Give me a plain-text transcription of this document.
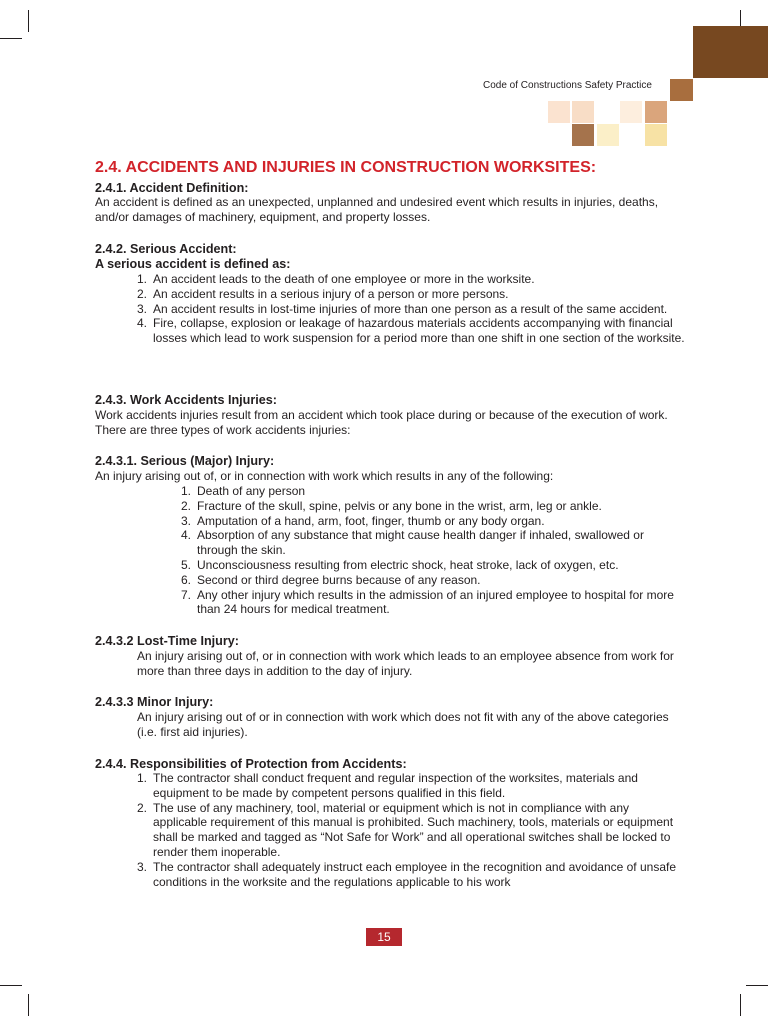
Code of Constructions Safety Practice
2.4. ACCIDENTS AND INJURIES IN CONSTRUCTION WORKSITES:
2.4.1. Accident Definition:

An accident is defined as an unexpected, unplanned and undesired event which results in injuries, deaths, and/or damages of machinery, equipment, and property losses.

2.4.2. Serious Accident:
A serious accident is defined as:
1. An accident leads to the death of one employee or more in the worksite.
2. An accident results in a serious injury of a person or more persons.
3. An accident results in lost-time injuries of more than one person as a result of the same accident.
4. Fire, collapse, explosion or leakage of hazardous materials accidents accompanying with financial losses which lead to work suspension for a period more than one shift in one section of the worksite.
2.4.3. Work Accidents Injuries:

Work accidents injuries result from an accident which took place during or because of the execution of work. There are three types of work accidents injuries:

2.4.3.1. Serious (Major) Injury:

An injury arising out of, or in connection with work which results in any of the following:

1. Death of any person
2. Fracture of the skull, spine, pelvis or any bone in the wrist, arm, leg or ankle.
3. Amputation of a hand, arm, foot, finger, thumb or any body organ.
4. Absorption of any substance that might cause health danger if inhaled, swallowed or through the skin.
5. Unconsciousness resulting from electric shock, heat stroke, lack of oxygen, etc.
6. Second or third degree burns because of any reason.
7. Any other injury which results in the admission of an injured employee to hospital for more than 24 hours for medical treatment.
2.4.3.2 Lost-Time Injury:

An injury arising out of, or in connection with work which leads to an employee absence from work for more than three days in addition to the day of injury.

2.4.3.3 Minor Injury:

An injury arising out of or in connection with work which does not fit with any of the above categories (i.e. first aid injuries).

2.4.4. Responsibilities of Protection from Accidents:
1. The contractor shall conduct frequent and regular inspection of the worksites, materials and equipment to be made by competent persons qualified in this field.
2. The use of any machinery, tool, material or equipment which is not in compliance with any applicable requirement of this manual is prohibited. Such machinery, tools, materials or equipment shall be marked and tagged as “Not Safe for Work” and all operational switches shall be locked to render them inoperable.
3. The contractor shall adequately instruct each employee in the recognition and avoidance of unsafe conditions in the worksite and the regulations applicable to his work
15
